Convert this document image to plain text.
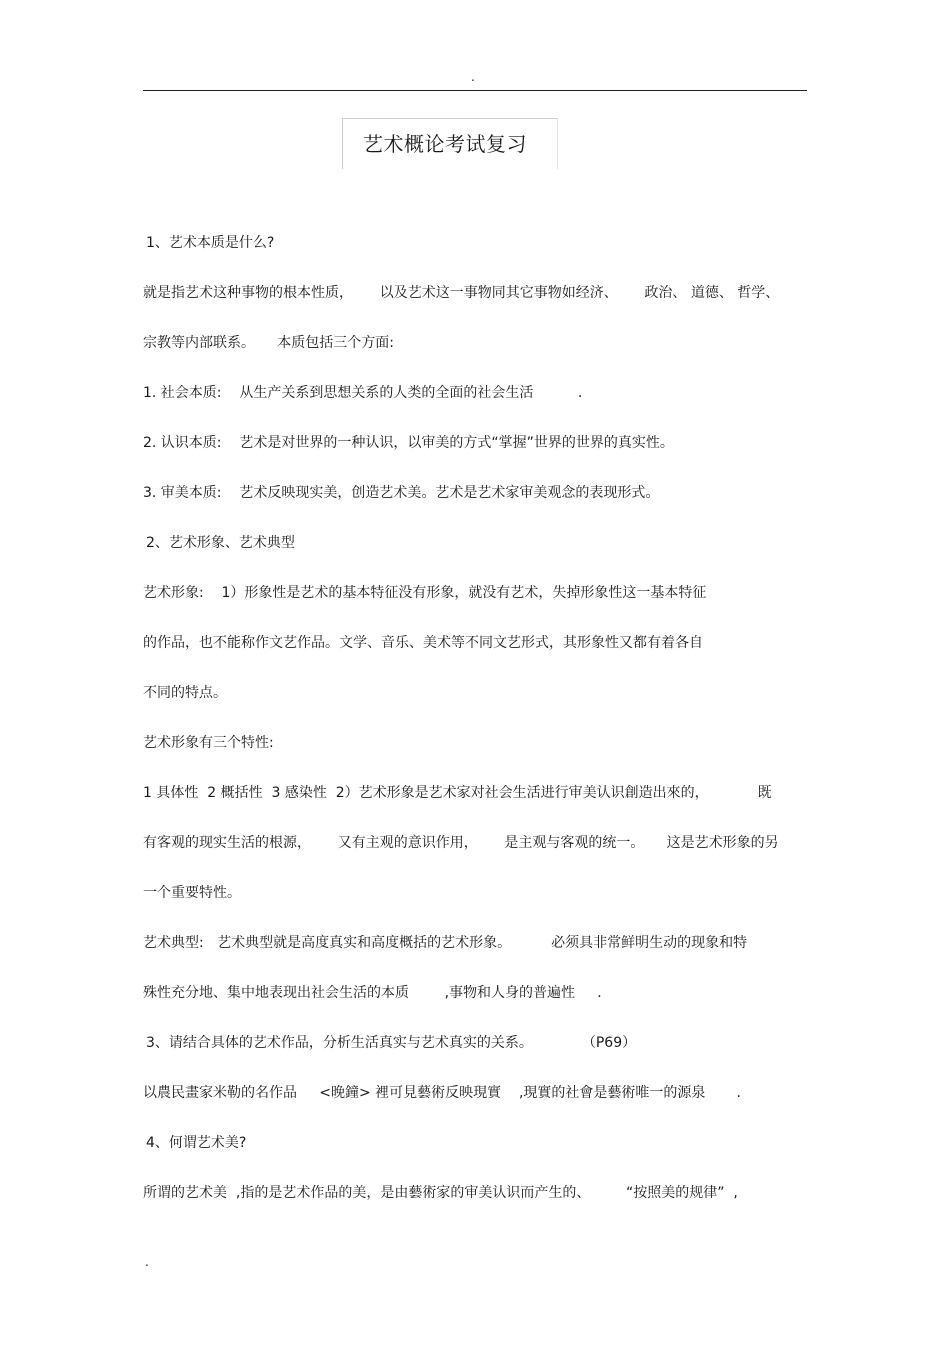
.
艺术概论考试复习
1、艺术本质是什么?
就是指艺术这种事物的根本性质，      以及艺术这一事物同其它事物如经济、      政治、 道德、 哲学、
宗教等内部联系。     本质包括三个方面:
1. 社会本质:    从生产关系到思想关系的人类的全面的社会生活          .
2. 认识本质:    艺术是对世界的一种认识，以审美的方式“掌握”世界的世界的真实性。
3. 审美本质:    艺术反映现实美，创造艺术美。艺术是艺术家审美观念的表现形式。
2、艺术形象、艺术典型
艺术形象:    1）形象性是艺术的基本特征没有形象，就没有艺术，失掉形象性这一基本特征
的作品，也不能称作文艺作品。文学、音乐、美术等不同文艺形式，其形象性又都有着各自
不同的特点。
艺术形象有三个特性:
1 具体性  2 概括性  3 感染性  2）艺术形象是艺术家对社会生活进行审美认识創造出來的，           既
有客观的现实生活的根源，      又有主观的意识作用，      是主观与客观的统一。     这是艺术形象的另
一个重要特性。
艺术典型:   艺术典型就是高度真实和高度概括的艺术形象。         必须具非常鲜明生动的现象和特
殊性充分地、集中地表现出社会生活的本质        ,事物和人身的普遍性     .
3、请结合具体的艺术作品，分析生活真实与艺术真实的关系。           （P69）
以農民畫家米勒的名作品     <晚鐘> 裡可見藝術反映現實    ,現實的社會是藝術唯一的源泉       .
4、何谓艺术美?
所谓的艺术美  ,指的是艺术作品的美，是由藝術家的审美认识而产生的、        “按照美的规律”  ,
.
